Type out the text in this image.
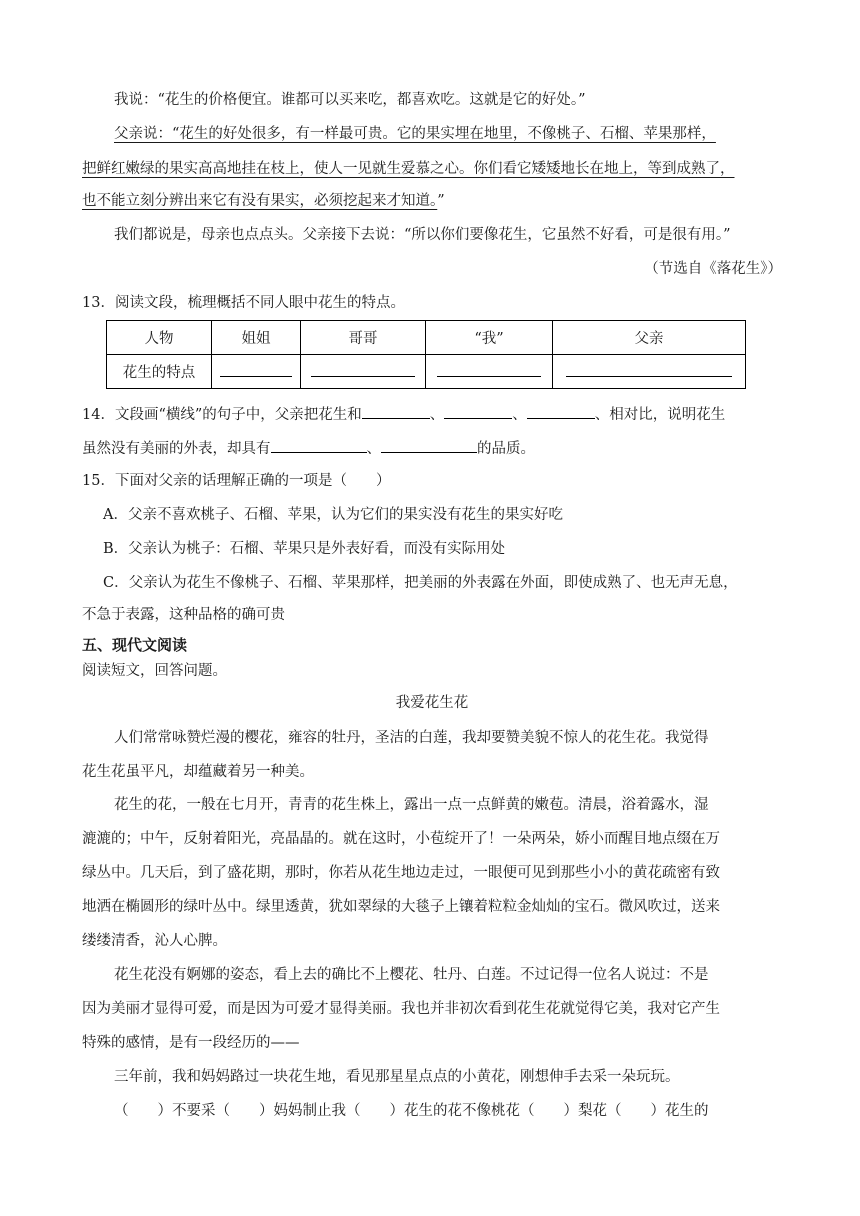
我说：“花生的价格便宜。谁都可以买来吃，都喜欢吃。这就是它的好处。”
父亲说：“花生的好处很多，有一样最可贵。它的果实埋在地里，不像桃子、石榴、苹果那样，
把鲜红嫩绿的果实高高地挂在枝上，使人一见就生爱慕之心。你们看它矮矮地长在地上，等到成熟了，
也不能立刻分辨出来它有没有果实，必须挖起来才知道。”
我们都说是，母亲也点点头。父亲接下去说：“所以你们要像花生，它虽然不好看，可是很有用。”
（节选自《落花生》）
13．阅读文段，梳理概括不同人眼中花生的特点。
人物	姐姐	哥哥	“我”	父亲
花生的特点				
14．文段画“横线”的句子中，父亲把花生和	、	、	、相对比，说明花生
虽然没有美丽的外表，却具有	、	的品质。
15．下面对父亲的话理解正确的一项是（　　）
A．父亲不喜欢桃子、石榴、苹果，认为它们的果实没有花生的果实好吃
B．父亲认为桃子：石榴、苹果只是外表好看，而没有实际用处
C．父亲认为花生不像桃子、石榴、苹果那样，把美丽的外表露在外面，即使成熟了、也无声无息，
不急于表露，这种品格的确可贵
五、现代文阅读
阅读短文，回答问题。
我爱花生花
人们常常咏赞烂漫的樱花，雍容的牡丹，圣洁的白莲，我却要赞美貌不惊人的花生花。我觉得
花生花虽平凡，却蕴藏着另一种美。
花生的花，一般在七月开，青青的花生株上，露出一点一点鲜黄的嫩苞。清晨，浴着露水，湿
漉漉的；中午，反射着阳光，亮晶晶的。就在这时，小苞绽开了！一朵两朵，娇小而醒目地点缀在万
绿丛中。几天后，到了盛花期，那时，你若从花生地边走过，一眼便可见到那些小小的黄花疏密有致
地洒在椭圆形的绿叶丛中。绿里透黄，犹如翠绿的大毯子上镶着粒粒金灿灿的宝石。微风吹过，送来
缕缕清香，沁人心脾。
花生花没有婀娜的姿态，看上去的确比不上樱花、牡丹、白莲。不过记得一位名人说过：不是
因为美丽才显得可爱，而是因为可爱才显得美丽。我也并非初次看到花生花就觉得它美，我对它产生
特殊的感情，是有一段经历的——
三年前，我和妈妈路过一块花生地，看见那星星点点的小黄花，刚想伸手去采一朵玩玩。
（　　）不要采（　　）妈妈制止我（　　）花生的花不像桃花（　　）梨花（　　）花生的
